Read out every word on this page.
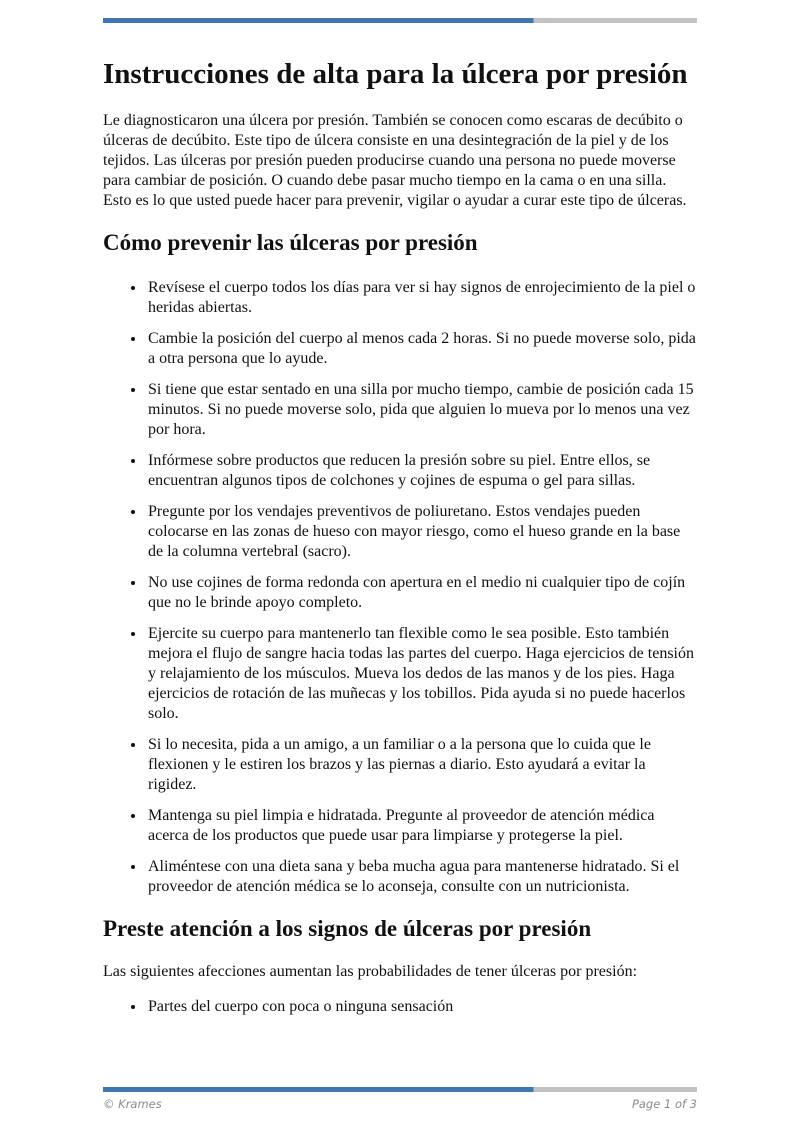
Instrucciones de alta para la úlcera por presión

Le diagnosticaron una úlcera por presión. También se conocen como escaras de decúbito o úlceras de decúbito. Este tipo de úlcera consiste en una desintegración de la piel y de los tejidos. Las úlceras por presión pueden producirse cuando una persona no puede moverse para cambiar de posición. O cuando debe pasar mucho tiempo en la cama o en una silla. Esto es lo que usted puede hacer para prevenir, vigilar o ayudar a curar este tipo de úlceras.

Cómo prevenir las úlceras por presión
• Revísese el cuerpo todos los días para ver si hay signos de enrojecimiento de la piel o heridas abiertas.
• Cambie la posición del cuerpo al menos cada 2 horas. Si no puede moverse solo, pida a otra persona que lo ayude.
• Si tiene que estar sentado en una silla por mucho tiempo, cambie de posición cada 15 minutos. Si no puede moverse solo, pida que alguien lo mueva por lo menos una vez por hora.
• Infórmese sobre productos que reducen la presión sobre su piel. Entre ellos, se encuentran algunos tipos de colchones y cojines de espuma o gel para sillas.
• Pregunte por los vendajes preventivos de poliuretano. Estos vendajes pueden colocarse en las zonas de hueso con mayor riesgo, como el hueso grande en la base de la columna vertebral (sacro).
• No use cojines de forma redonda con apertura en el medio ni cualquier tipo de cojín que no le brinde apoyo completo.
• Ejercite su cuerpo para mantenerlo tan flexible como le sea posible. Esto también mejora el flujo de sangre hacia todas las partes del cuerpo. Haga ejercicios de tensión y relajamiento de los músculos. Mueva los dedos de las manos y de los pies. Haga ejercicios de rotación de las muñecas y los tobillos. Pida ayuda si no puede hacerlos solo.
• Si lo necesita, pida a un amigo, a un familiar o a la persona que lo cuida que le flexionen y le estiren los brazos y las piernas a diario. Esto ayudará a evitar la rigidez.
• Mantenga su piel limpia e hidratada. Pregunte al proveedor de atención médica acerca de los productos que puede usar para limpiarse y protegerse la piel.
• Aliméntese con una dieta sana y beba mucha agua para mantenerse hidratado. Si el proveedor de atención médica se lo aconseja, consulte con un nutricionista.
Preste atención a los signos de úlceras por presión

Las siguientes afecciones aumentan las probabilidades de tener úlceras por presión:

• Partes del cuerpo con poca o ninguna sensación
© Krames	Page 1 of 3
